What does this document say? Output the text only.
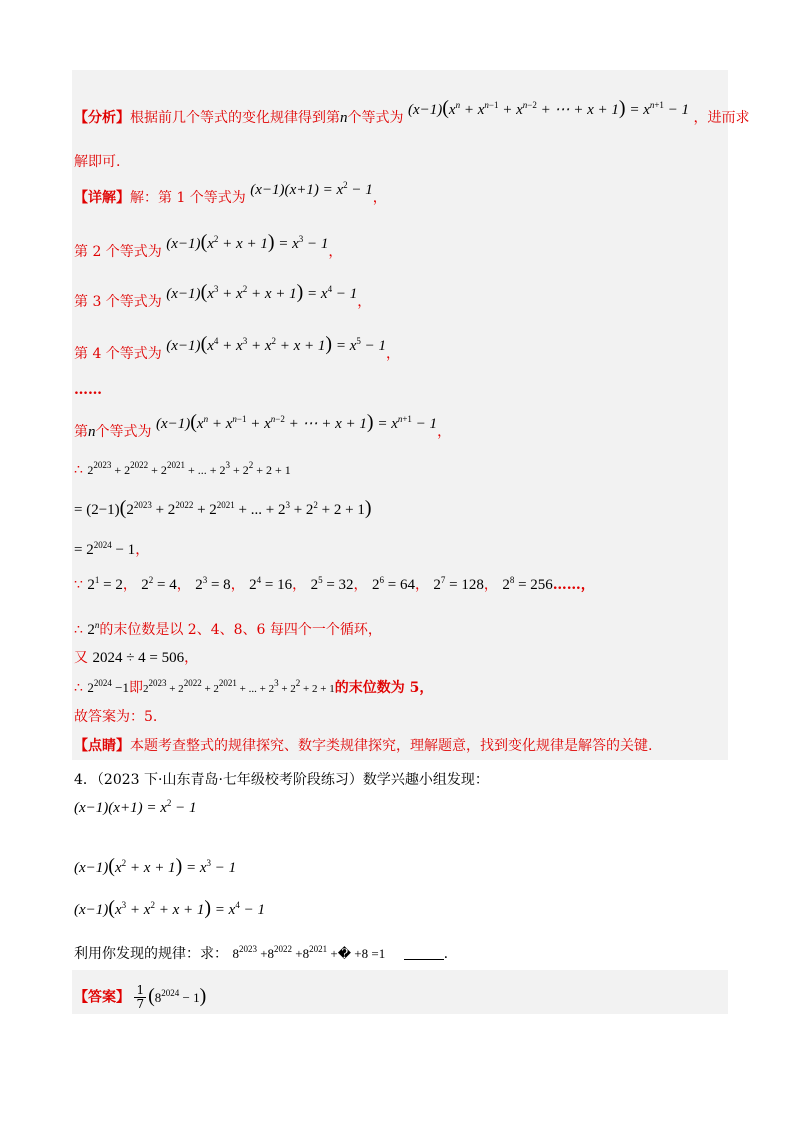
【分析】根据前几个等式的变化规律得到第n个等式为 $(x-1)(x^n + x^{n-1} + x^{n-2}$ + ⋯ + $x + 1) = x^{n+1} - 1$ ，进而求
解即可.
【详解】解：第 1 个等式为 $(x-1)(x+1) = x^2 - 1$，
第 2 个等式为 $(x-1)(x^2 + x + 1) = x^3 - 1$，
第 3 个等式为 $(x-1)(x^3 + x^2 + x + 1) = x^4 - 1$，
第 4 个等式为 $(x-1)(x^4 + x^3 + x^2 + x + 1) = x^5 - 1$，
……
第n个等式为 $(x-1)(x^n + x^{n-1} + x^{n-2}$ + ⋯ + $x + 1) = x^{n+1} - 1$，
∴ $2^{2023} + 2^{2022} + 2^{2021}$ + ... + $2^3 + 2^2 + 2 + 1$
= $(2-1)(2^{2023} + 2^{2022} + 2^{2021}$ + ... + $2^3 + 2^2 + 2 + 1$)
= $2^{2024} - 1$，
∵ $2^1 = 2$， $2^2 = 4$， $2^3 = 8$， $2^4 = 16$， $2^5 = 32$， $2^6 = 64$， $2^7 = 128$， $2^8$ = 256……，
∴ 2$^n$的末位数是以 2、4、8、6 每四个一个循环，
又 2024 ÷ 4 = 506，
∴ $2^{2024} -1$即$2^{2023} + 2^{2022} + 2^{2021}$ + ... + $2^3 + 2^2 + 2 + 1$的末位数为 5，
故答案为：5.
【点睛】本题考查整式的规律探究、数字类规律探究，理解题意，找到变化规律是解答的关键.
4．（2023 下·山东青岛·七年级校考阶段练习）数学兴趣小组发现：
$(x-1)(x+1) = x^2 - 1$
$(x-1)(x^2 + x + 1) = x^3 - 1$
$(x-1)(x^3 + x^2 + x + 1) = x^4 - 1$
利用你发现的规律：求： $8^{2023} +8^{2022} +8^{2021}$ +� +8 =1	.
【答案】 $\frac{1}{7} (8^{2024} - 1)$
